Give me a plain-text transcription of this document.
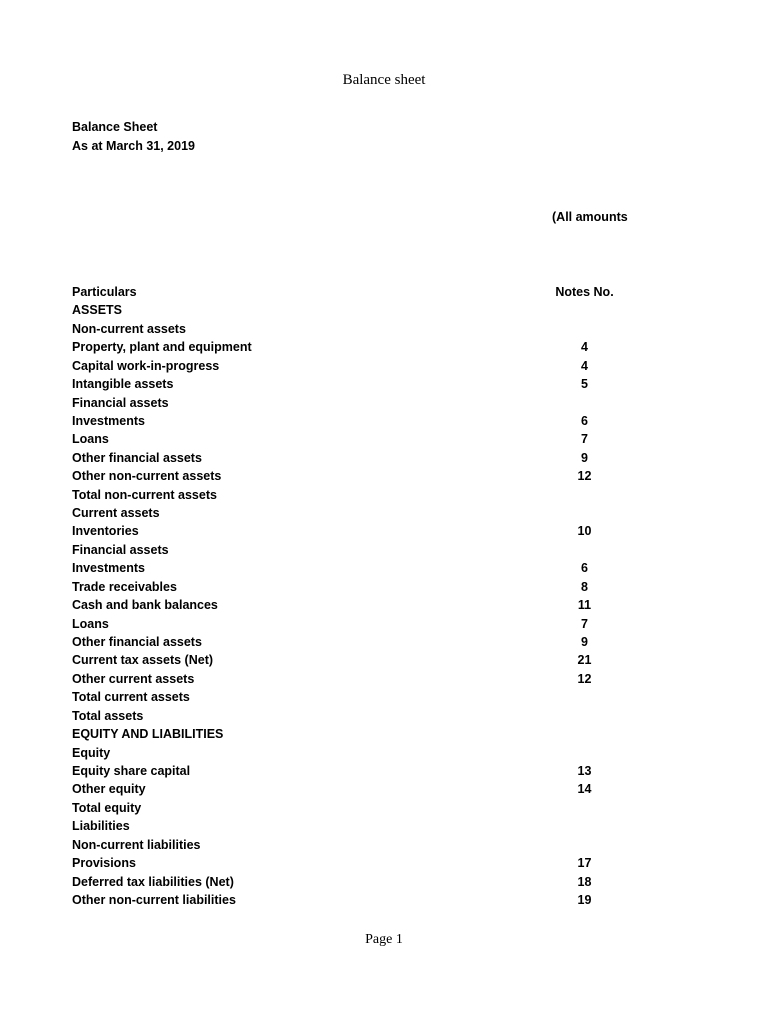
Balance sheet
Balance Sheet
As at March 31, 2019
(All amounts
Particulars	Notes No.
ASSETS
Non-current assets
Property, plant and equipment	4
Capital work-in-progress	4
Intangible assets	5
Financial assets
Investments	6
Loans	7
Other financial assets	9
Other non-current assets	12
Total non-current assets
Current assets
Inventories	10
Financial assets
Investments	6
Trade receivables	8
Cash and bank balances	11
Loans	7
Other financial assets	9
Current tax assets (Net)	21
Other current assets	12
Total current assets
Total assets
EQUITY AND LIABILITIES
Equity
Equity share capital	13
Other equity	14
Total equity
Liabilities
Non-current liabilities
Provisions	17
Deferred tax liabilities (Net)	18
Other non-current liabilities	19
Page 1
